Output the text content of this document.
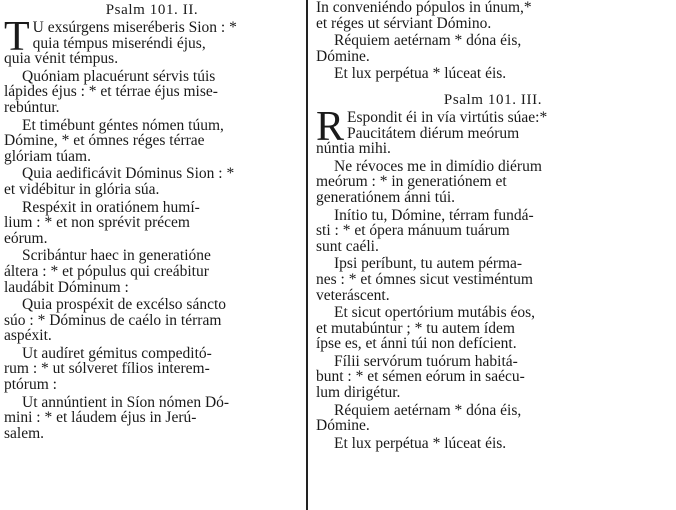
Psalm 101. II.
T U exsúrgens miseréberis Sion : *
quia témpus miseréndi éjus,
quia vénit témpus.
Quóniam placuérunt sérvis túis
lápides éjus : * et térrae éjus mise-
rebúntur.
Et timébunt géntes nómen túum,
Dómine, * et ómnes réges térrae
glóriam túam.
Quia aedificávit Dóminus Sion : *
et vidébitur in glória súa.
Respéxit in oratiónem humí-
lium : * et non sprévit précem
eórum.
Scribántur haec in generatióne
áltera : * et pópulus qui creábitur
laudábit Dóminum :
Quia prospéxit de excélso sáncto
súo : * Dóminus de caélo in térram
aspéxit.
Ut audíret gémitus compeditó-
rum : * ut sólveret fílios interem-
ptórum :
Ut annúntient in Síon nómen Dó-
mini : * et láudem éjus in Jerú-
salem.
In conveniéndo pópulos in únum,*
et réges ut sérviant Dómino.
Réquiem aetérnam * dóna éis,
Dómine.
Et lux perpétua * lúceat éis.
Psalm 101. III.
R Espondit éi in vía virtútis súae:*
Paucitátem diérum meórum
núntia mihi.
Ne révoces me in dimídio diérum
meórum : * in generatiónem et
generatiónem ánni túi.
Inítio tu, Dómine, térram fundá-
sti : * et ópera mánuum tuárum
sunt caéli.
Ipsi períbunt, tu autem pérma-
nes : * et ómnes sicut vestiméntum
veteráscent.
Et sicut opertórium mutábis éos,
et mutabúntur ; * tu autem ídem
ípse es, et ánni túi non defícient.
Fílii servórum tuórum habitá-
bunt : * et sémen eórum in saécu-
lum dirigétur.
Réquiem aetérnam * dóna éis,
Dómine.
Et lux perpétua * lúceat éis.
